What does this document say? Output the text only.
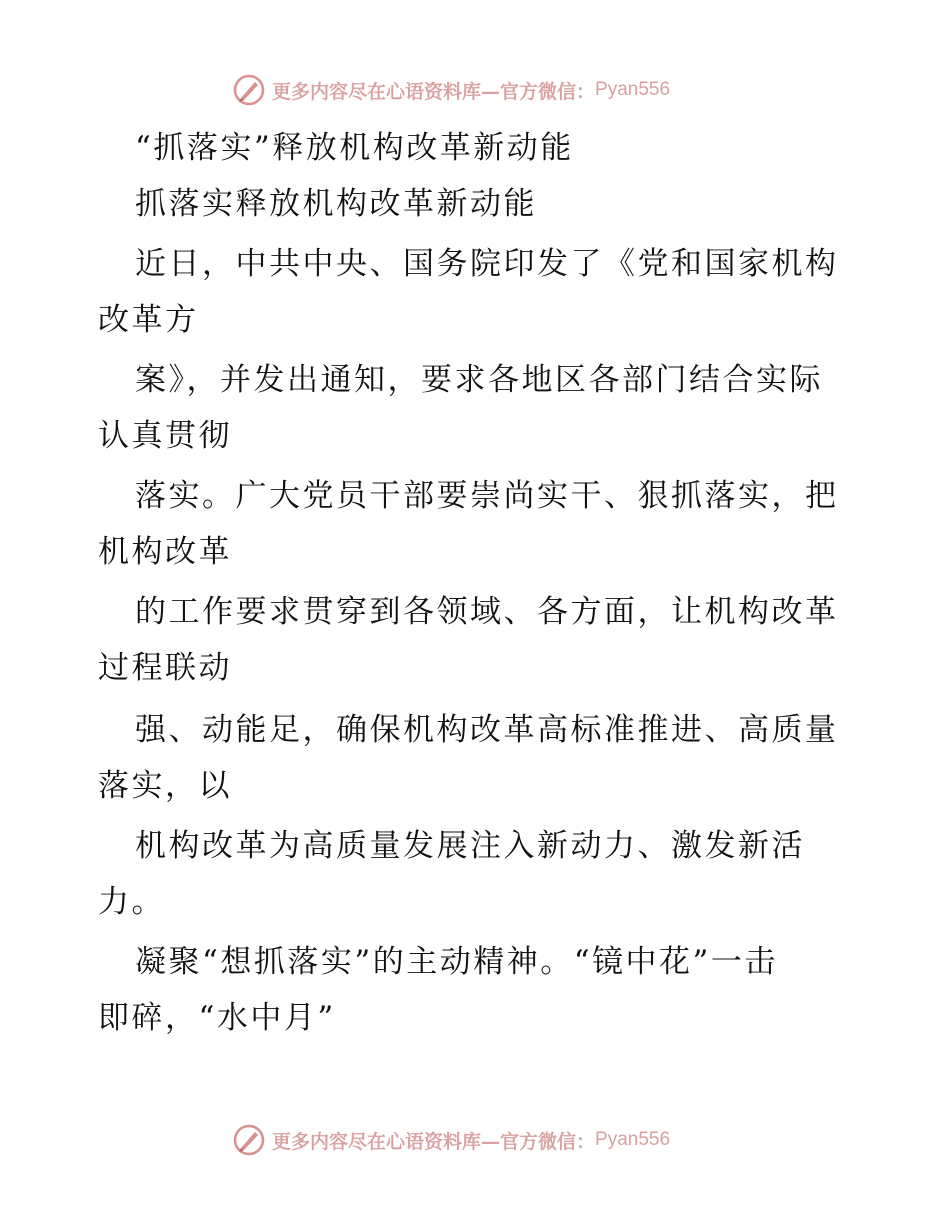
更多内容尽在心语资料库—官方微信： Pyan556
“抓落实”释放机构改革新动能
抓落实释放机构改革新动能
近日，中共中央、国务院印发了《党和国家机构
改革方
案》，并发出通知，要求各地区各部门结合实际
认真贯彻
落实。广大党员干部要崇尚实干、狠抓落实，把
机构改革
的工作要求贯穿到各领域、各方面，让机构改革
过程联动
强、动能足，确保机构改革高标准推进、高质量
落实，以
机构改革为高质量发展注入新动力、激发新活
力。
凝聚“想抓落实”的主动精神。“镜中花”一击
即碎，“水中月”
更多内容尽在心语资料库—官方微信： Pyan556
